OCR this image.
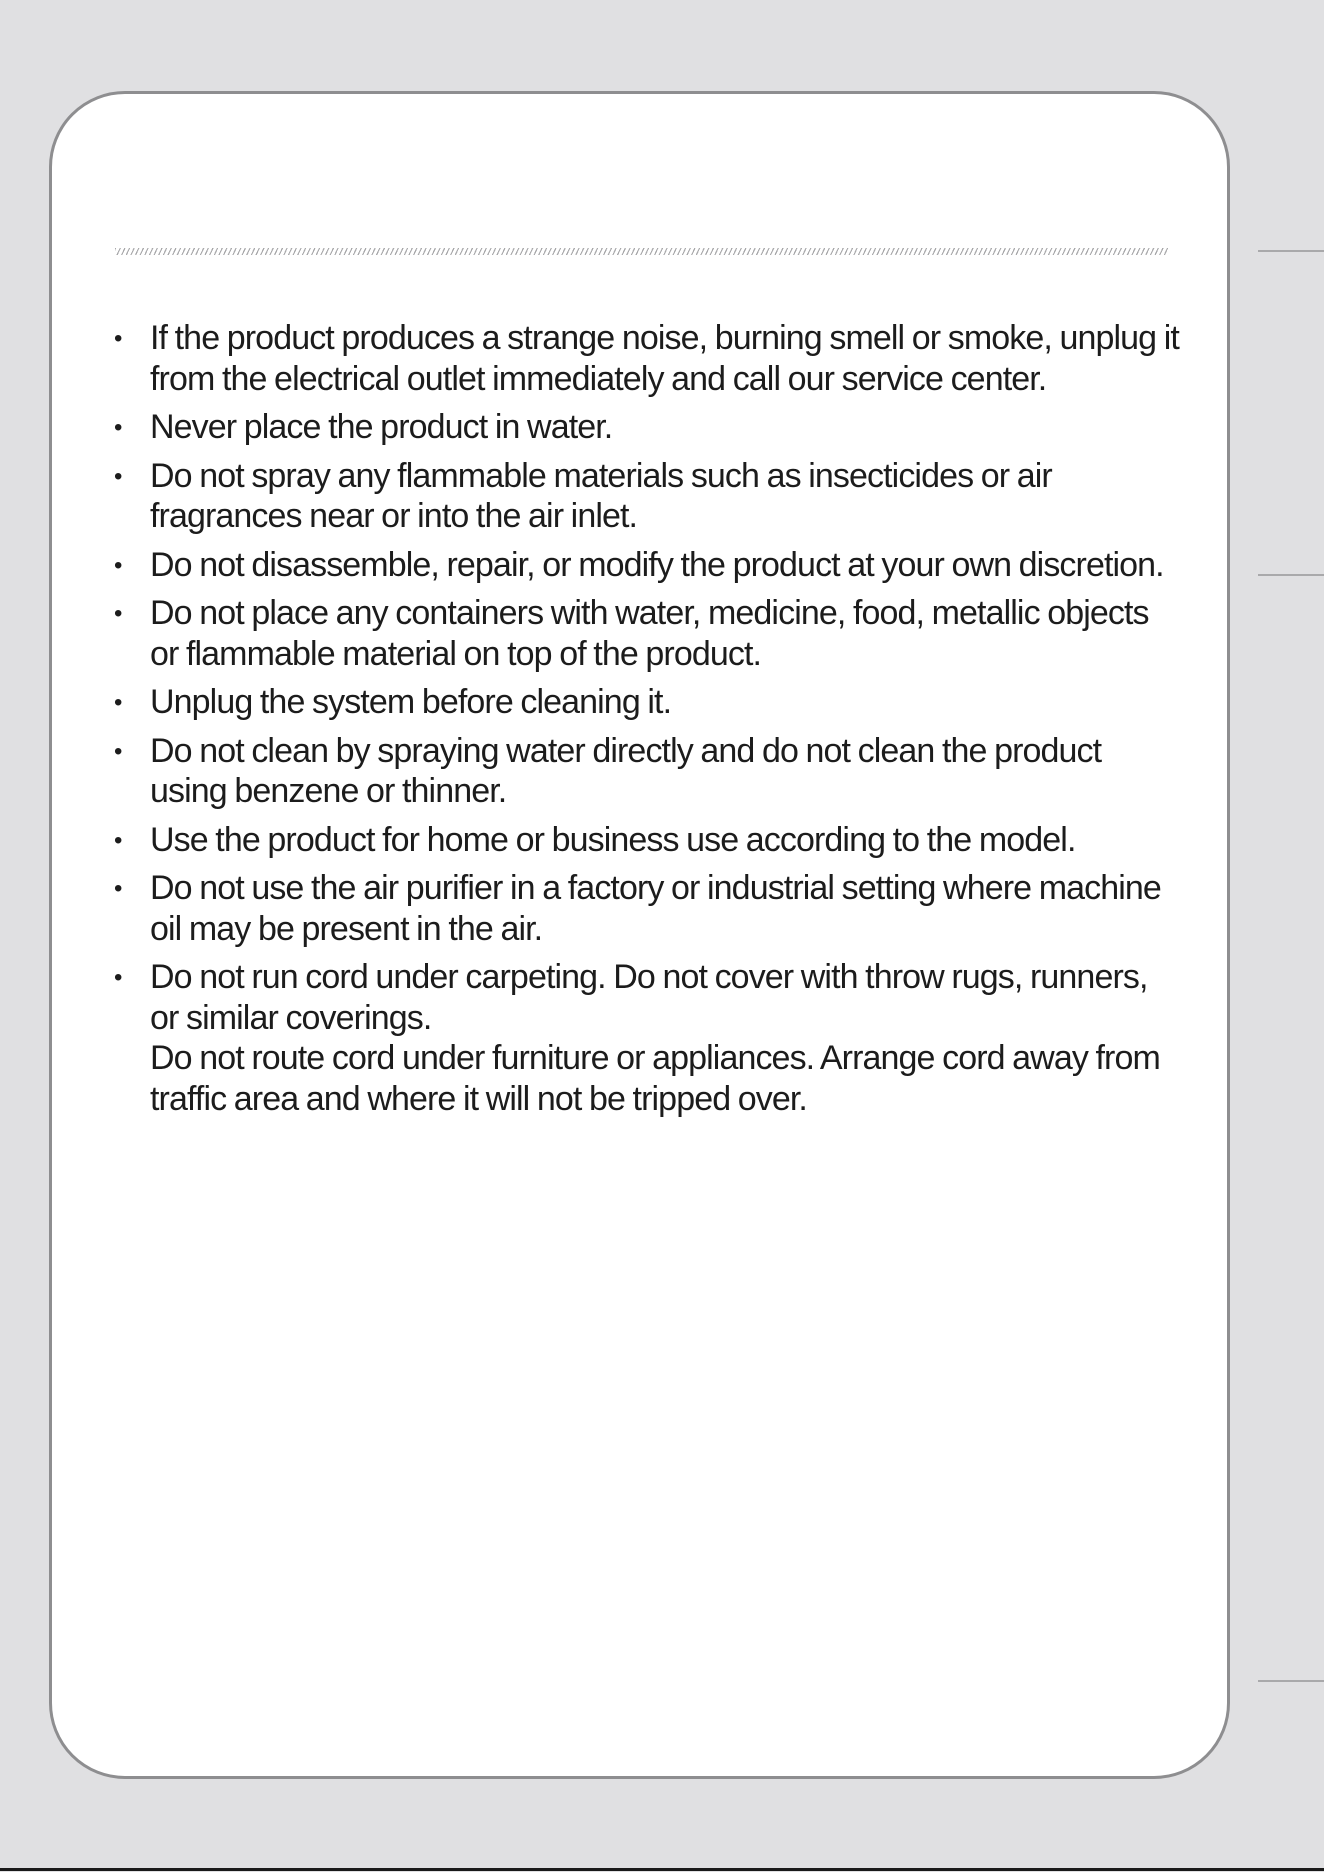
• If the product produces a strange noise, burning smell or smoke, unplug it from the electrical outlet immediately and call our service center.
• Never place the product in water.
• Do not spray any flammable materials such as insecticides or air fragrances near or into the air inlet.
• Do not disassemble, repair, or modify the product at your own discretion.
• Do not place any containers with water, medicine, food, metallic objects or flammable material on top of the product.
• Unplug the system before cleaning it.
• Do not clean by spraying water directly and do not clean the product using benzene or thinner.
• Use the product for home or business use according to the model.
• Do not use the air purifier in a factory or industrial setting where machine oil may be present in the air.
• Do not run cord under carpeting. Do not cover with throw rugs, runners, or similar coverings.
Do not route cord under furniture or appliances. Arrange cord away from traffic area and where it will not be tripped over.
